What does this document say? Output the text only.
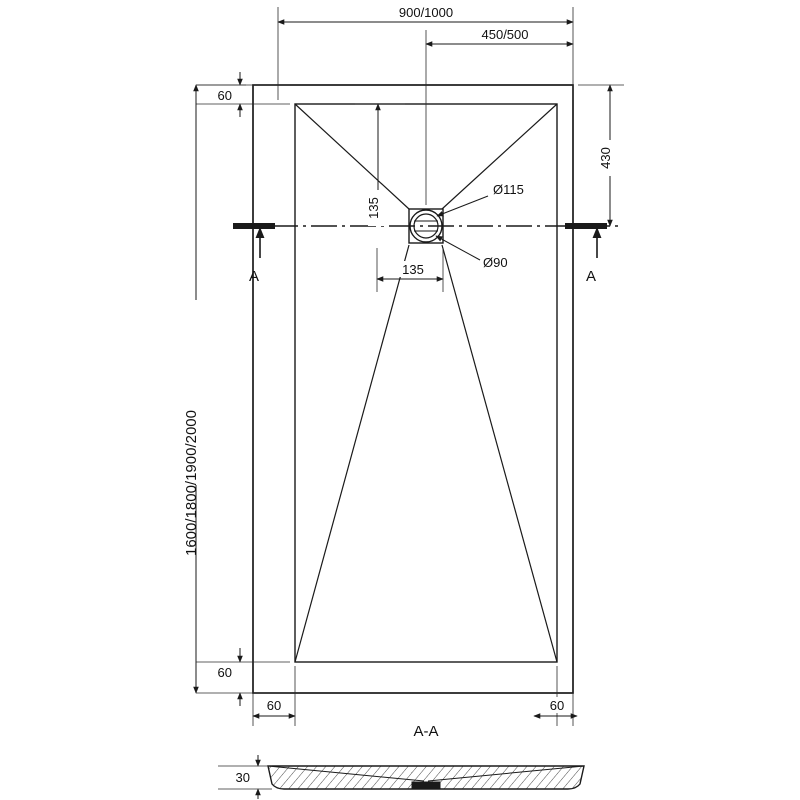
A	A
900/1000
450/500
60
430
135
135
Ø115
Ø90
1600/1800/1900/2000
60
60	60
A-A
30
